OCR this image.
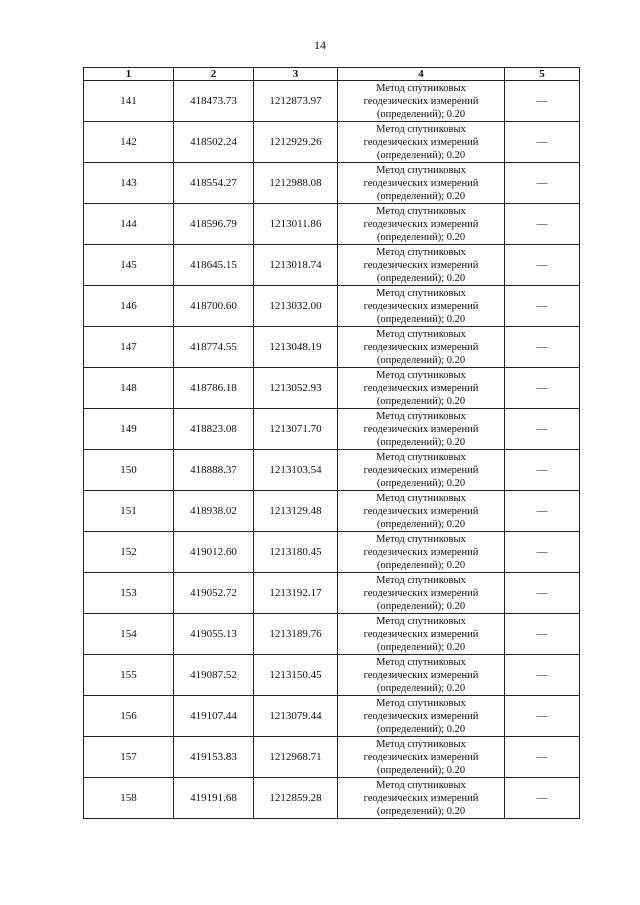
14
1	2	3	4	5
141	418473.73	1212873.97	Метод спутниковых
геодезических измерений
(определений); 0.20	—
142	418502.24	1212929.26	Метод спутниковых
геодезических измерений
(определений); 0.20	—
143	418554.27	1212988.08	Метод спутниковых
геодезических измерений
(определений); 0.20	—
144	418596.79	1213011.86	Метод спутниковых
геодезических измерений
(определений); 0.20	—
145	418645.15	1213018.74	Метод спутниковых
геодезических измерений
(определений); 0.20	—
146	418700.60	1213032.00	Метод спутниковых
геодезических измерений
(определений); 0.20	—
147	418774.55	1213048.19	Метод спутниковых
геодезических измерений
(определений); 0.20	—
148	418786.18	1213052.93	Метод спутниковых
геодезических измерений
(определений); 0.20	—
149	418823.08	1213071.70	Метод спутниковых
геодезических измерений
(определений); 0.20	—
150	418888.37	1213103.54	Метод спутниковых
геодезических измерений
(определений); 0.20	—
151	418938.02	1213129.48	Метод спутниковых
геодезических измерений
(определений); 0.20	—
152	419012.60	1213180.45	Метод спутниковых
геодезических измерений
(определений); 0.20	—
153	419052.72	1213192.17	Метод спутниковых
геодезических измерений
(определений); 0.20	—
154	419055.13	1213189.76	Метод спутниковых
геодезических измерений
(определений); 0.20	—
155	419087.52	1213150.45	Метод спутниковых
геодезических измерений
(определений); 0.20	—
156	419107.44	1213079.44	Метод спутниковых
геодезических измерений
(определений); 0.20	—
157	419153.83	1212968.71	Метод спутниковых
геодезических измерений
(определений); 0.20	—
158	419191.68	1212859.28	Метод спутниковых
геодезических измерений
(определений); 0.20	—
